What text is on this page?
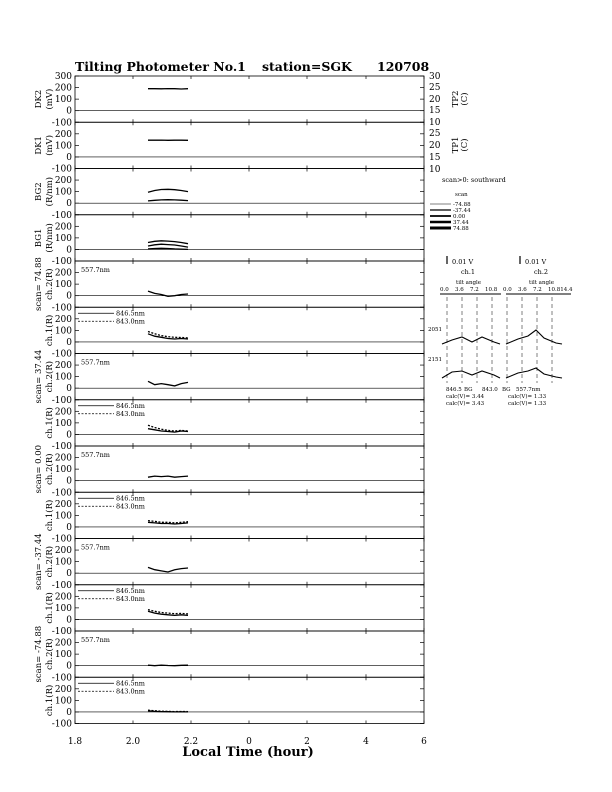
Tilting Photometer No.1 station=SGK 120708
300
200
100
0
-100
DK2 (mV)
200
100
0
-100
DK1 (mV)
200
100
0
-100
BG2 (R/nm)
200
100
0
-100
BG1 (R/nm)
200
100
0
-100
scan= 74.88 ch.2(R)	557.7nm
200
100
0
-100
ch.1(R)
846.5nm
843.0nm
200
100
0
-100
scan= 37.44 ch.2(R)	557.7nm
200
100
0
-100
ch.1(R)
846.5nm
843.0nm
200
100
0
-100
scan= 0.00 ch.2(R)	557.7nm
200
100
0
-100
ch.1(R)
846.5nm
843.0nm
200
100
0
-100
scan= -37.44 ch.2(R)	557.7nm
200
100
0
-100
ch.1(R)
846.5nm
843.0nm
200
100
0
-100
scan= -74.88 ch.2(R)	557.7nm
200
100
0
-100
ch.1(R)
846.5nm
843.0nm
1.8	2.0	2.2	0	2	4	6
Local Time (hour)
30
25
20
15
10
25
20
15
10
TP2 (C)
TP1 (C)
scan>0: southward
scan
-74.88
-37.44
0.00
37.44
74.88
0.01 V
ch.1
tilt angle
0.01 V
ch.2
tilt angle
0.0 3.6 7.2 10.8 0.0 3.6 7.2 10.814.4
2051
2151
846.5 BG 843.0 BG 557.7nm
calc(V)= 3.44
calc(V)= 3.43
calc(V)= 1.33
calc(V)= 1.33
